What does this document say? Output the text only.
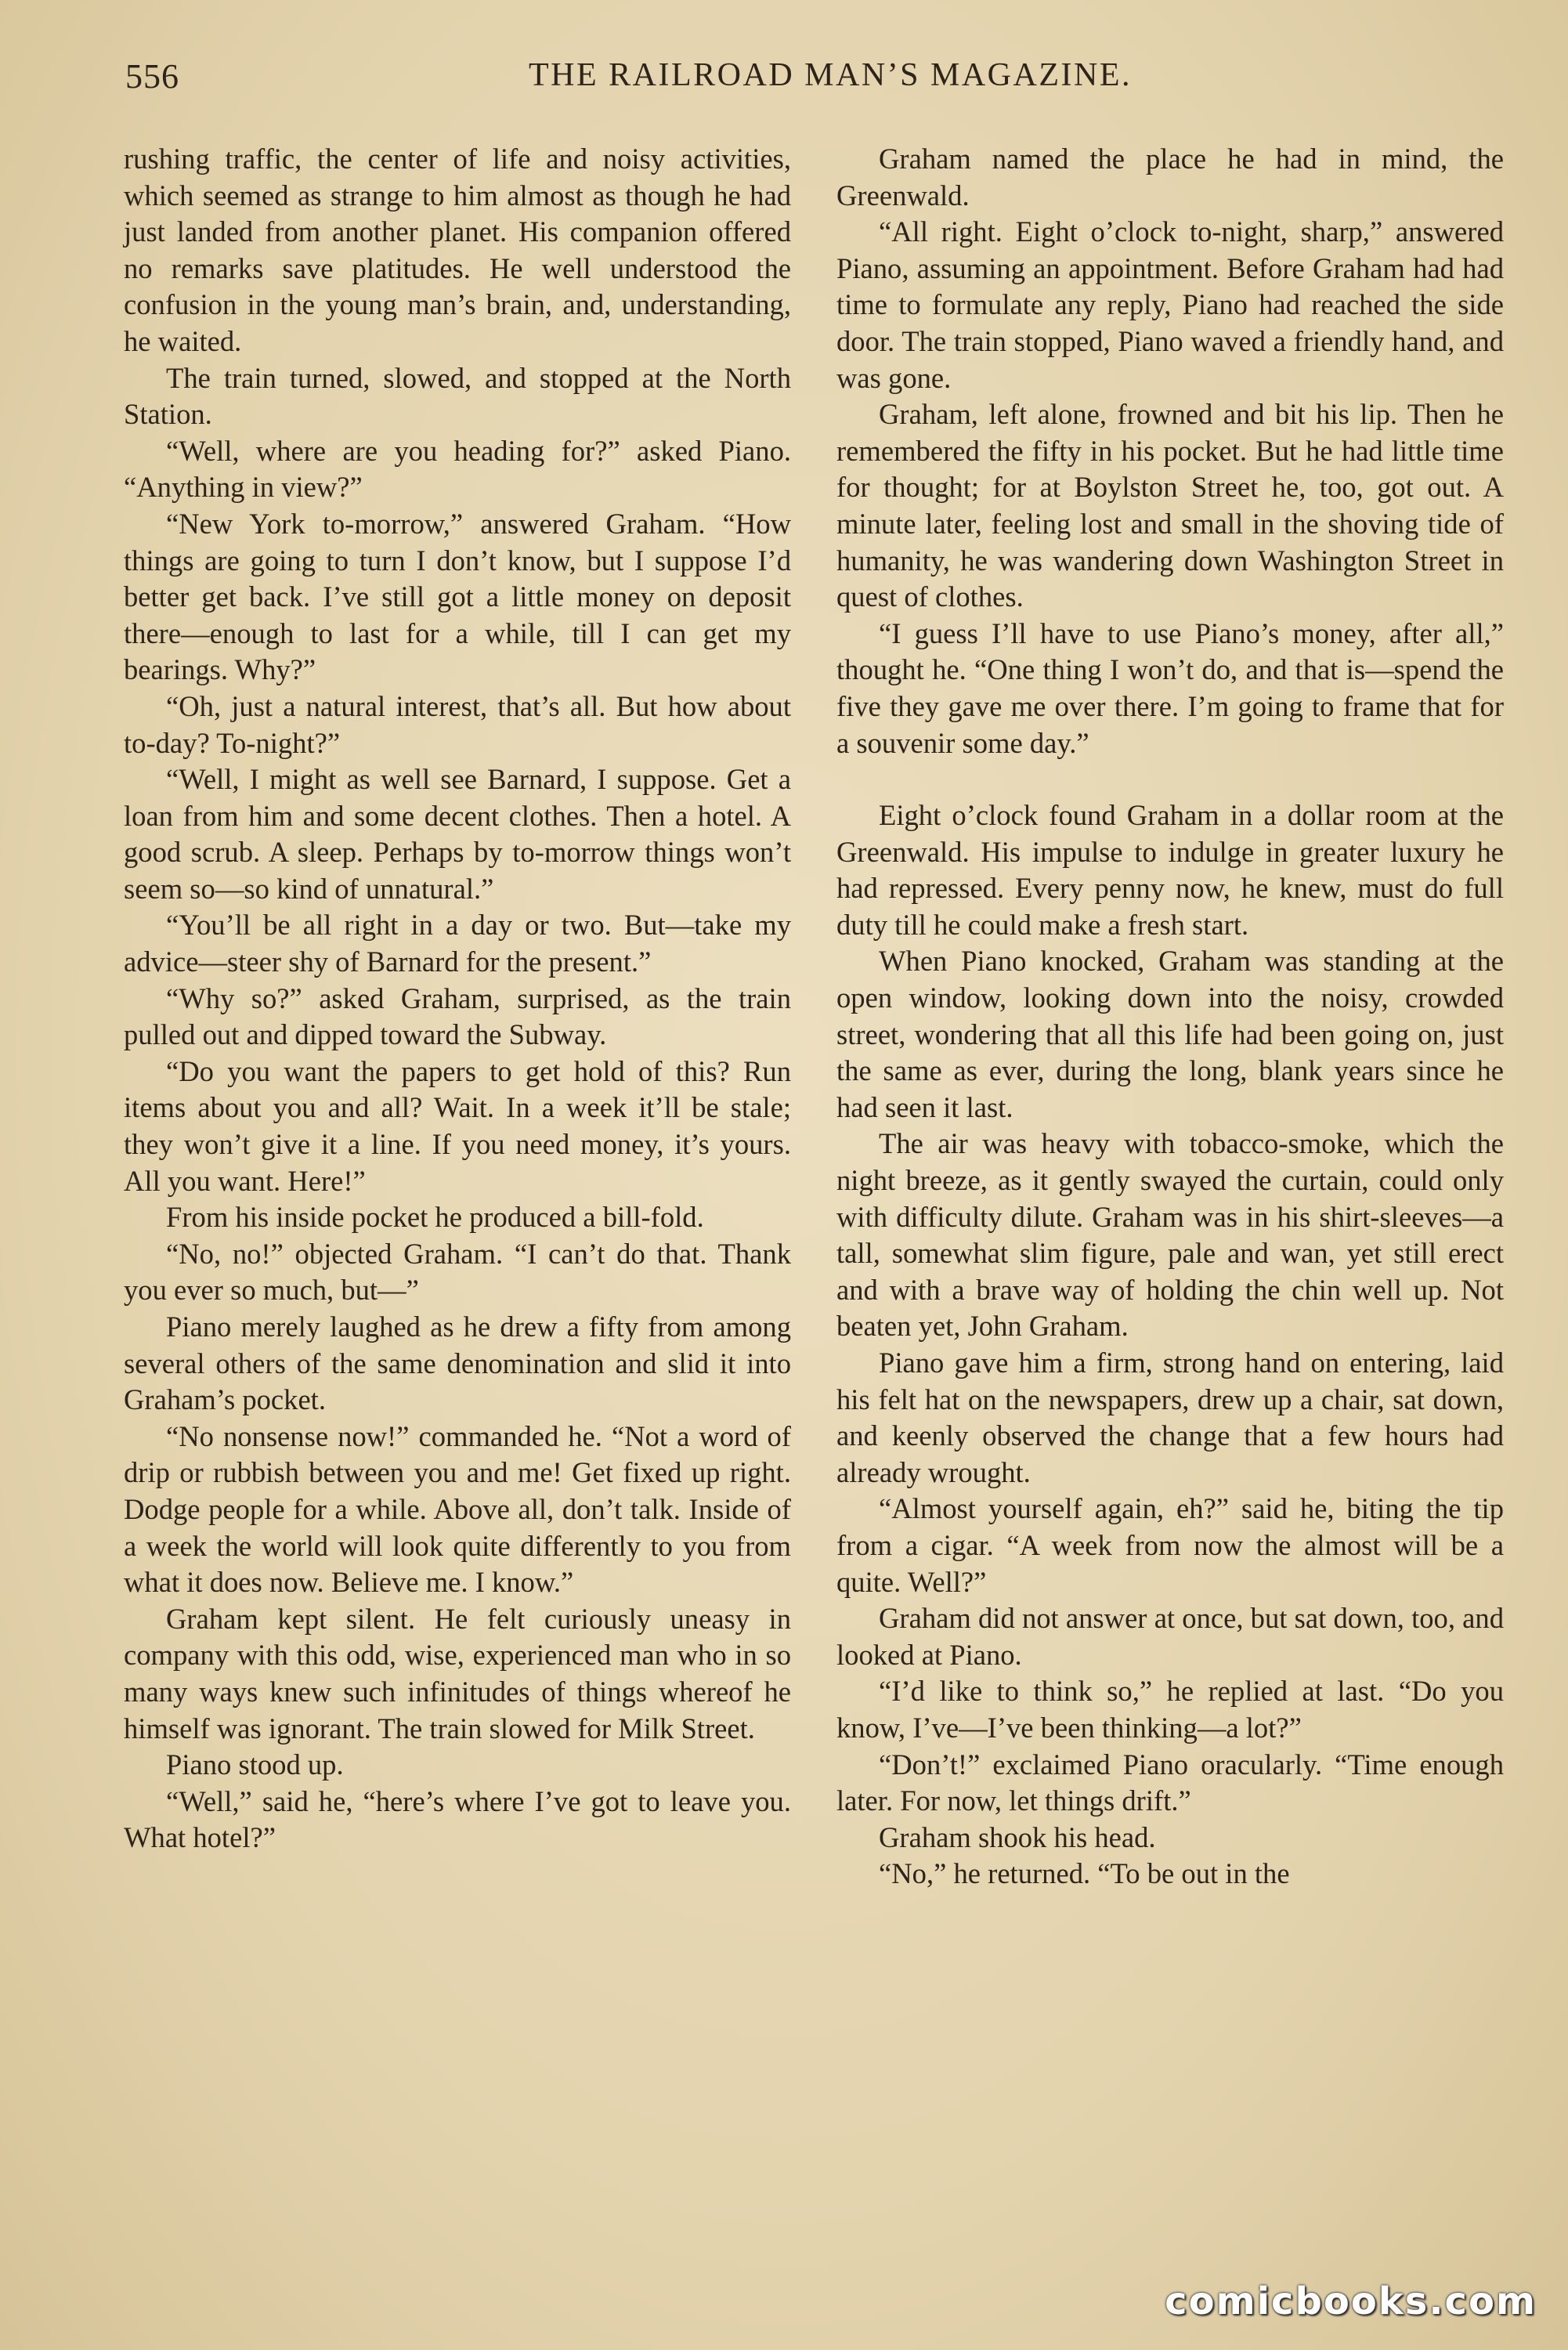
556	THE RAILROAD MAN’S MAGAZINE.

rushing traffic, the center of life and noisy activities, which seemed as strange to him almost as though he had just landed from another planet. His companion offered no remarks save platitudes. He well understood the confusion in the young man’s brain, and, understanding, he waited.

The train turned, slowed, and stopped at the North Station.

“Well, where are you heading for?” asked Piano. “Anything in view?”

“New York to-morrow,” answered Graham. “How things are going to turn I don’t know, but I suppose I’d better get back. I’ve still got a little money on deposit there—enough to last for a while, till I can get my bearings. Why?”

“Oh, just a natural interest, that’s all. But how about to-day? To-night?”

“Well, I might as well see Barnard, I suppose. Get a loan from him and some decent clothes. Then a hotel. A good scrub. A sleep. Perhaps by to-morrow things won’t seem so—so kind of unnatural.”

“You’ll be all right in a day or two. But—take my advice—steer shy of Barnard for the present.”

“Why so?” asked Graham, surprised, as the train pulled out and dipped toward the Subway.

“Do you want the papers to get hold of this? Run items about you and all? Wait. In a week it’ll be stale; they won’t give it a line. If you need money, it’s yours. All you want. Here!”

From his inside pocket he produced a bill-fold.

“No, no!” objected Graham. “I can’t do that. Thank you ever so much, but—”

Piano merely laughed as he drew a fifty from among several others of the same denomination and slid it into Graham’s pocket.

“No nonsense now!” commanded he. “Not a word of drip or rubbish between you and me! Get fixed up right. Dodge people for a while. Above all, don’t talk. Inside of a week the world will look quite differently to you from what it does now. Believe me. I know.”

Graham kept silent. He felt curiously uneasy in company with this odd, wise, experienced man who in so many ways knew such infinitudes of things whereof he himself was ignorant. The train slowed for Milk Street.

Piano stood up.

“Well,” said he, “here’s where I’ve got to leave you. What hotel?”

Graham named the place he had in mind, the Greenwald.

“All right. Eight o’clock to-night, sharp,” answered Piano, assuming an appointment. Before Graham had had time to formulate any reply, Piano had reached the side door. The train stopped, Piano waved a friendly hand, and was gone.

Graham, left alone, frowned and bit his lip. Then he remembered the fifty in his pocket. But he had little time for thought; for at Boylston Street he, too, got out. A minute later, feeling lost and small in the shoving tide of humanity, he was wandering down Washington Street in quest of clothes.

“I guess I’ll have to use Piano’s money, after all,” thought he. “One thing I won’t do, and that is—spend the five they gave me over there. I’m going to frame that for a souvenir some day.”

Eight o’clock found Graham in a dollar room at the Greenwald. His impulse to indulge in greater luxury he had repressed. Every penny now, he knew, must do full duty till he could make a fresh start.

When Piano knocked, Graham was standing at the open window, looking down into the noisy, crowded street, wondering that all this life had been going on, just the same as ever, during the long, blank years since he had seen it last.

The air was heavy with tobacco-smoke, which the night breeze, as it gently swayed the curtain, could only with difficulty dilute. Graham was in his shirt-sleeves—a tall, somewhat slim figure, pale and wan, yet still erect and with a brave way of holding the chin well up. Not beaten yet, John Graham.

Piano gave him a firm, strong hand on entering, laid his felt hat on the newspapers, drew up a chair, sat down, and keenly observed the change that a few hours had already wrought.

“Almost yourself again, eh?” said he, biting the tip from a cigar. “A week from now the almost will be a quite. Well?”

Graham did not answer at once, but sat down, too, and looked at Piano.

“I’d like to think so,” he replied at last. “Do you know, I’ve—I’ve been thinking—a lot?”

“Don’t!” exclaimed Piano oracularly. “Time enough later. For now, let things drift.”

Graham shook his head.

“No,” he returned. “To be out in the

comicbooks.com
